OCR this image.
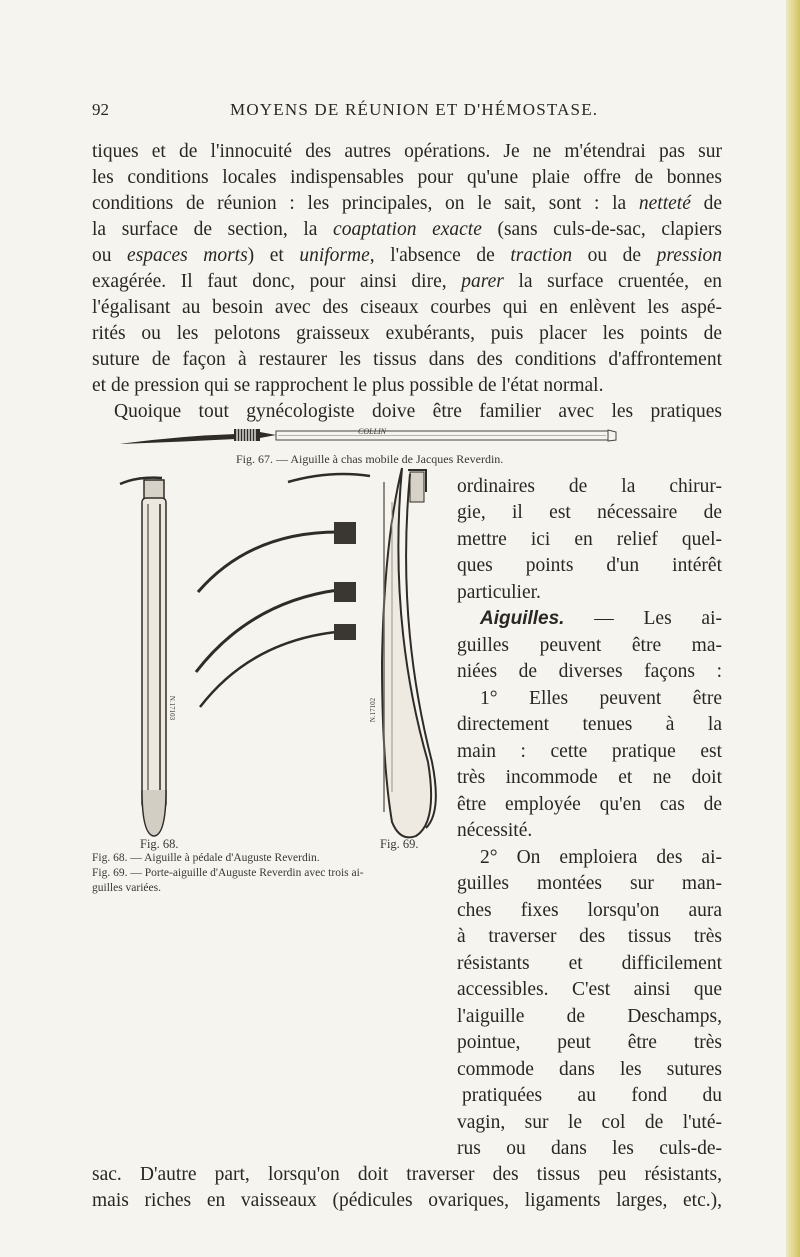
92	MOYENS DE RÉUNION ET D'HÉMOSTASE.
tiques et de l'innocuité des autres opérations. Je ne m'étendrai pas sur
les conditions locales indispensables pour qu'une plaie offre de bonnes
conditions de réunion : les principales, on le sait, sont : la netteté de
la surface de section, la coaptation exacte (sans culs-de-sac, clapiers
ou espaces morts) et uniforme, l'absence de traction ou de pression
exagérée. Il faut donc, pour ainsi dire, parer la surface cruentée, en
l'égalisant au besoin avec des ciseaux courbes qui en enlèvent les aspé-
rités ou les pelotons graisseux exubérants, puis placer les points de
suture de façon à restaurer les tissus dans des conditions d'affrontement
et de pression qui se rapprochent le plus possible de l'état normal.
Quoique tout gynécologiste doive être familier avec les pratiques
COLLIN
Fig. 67. — Aiguille à chas mobile de Jacques Reverdin.
N.17103	N.17102
Fig. 68.	Fig. 69.
Fig. 68. — Aiguille à pédale d'Auguste Reverdin.
Fig. 69. — Porte-aiguille d'Auguste Reverdin avec trois ai-
guilles variées.
ordinaires de la chirur-
gie, il est nécessaire de
mettre ici en relief quel-
ques points d'un intérêt
particulier.
Aiguilles. — Les ai-
guilles peuvent être ma-
niées de diverses façons :
1° Elles peuvent être
directement tenues à la
main : cette pratique est
très incommode et ne doit
être employée qu'en cas de
nécessité.
2° On emploiera des ai-
guilles montées sur man-
ches fixes lorsqu'on aura
à traverser des tissus très
résistants et difficilement
accessibles. C'est ainsi que
l'aiguille de Deschamps,
pointue, peut être très
commode dans les sutures
pratiquées au fond du
vagin, sur le col de l'uté-
rus ou dans les culs-de-
sac. D'autre part, lorsqu'on doit traverser des tissus peu résistants,
mais riches en vaisseaux (pédicules ovariques, ligaments larges, etc.),
